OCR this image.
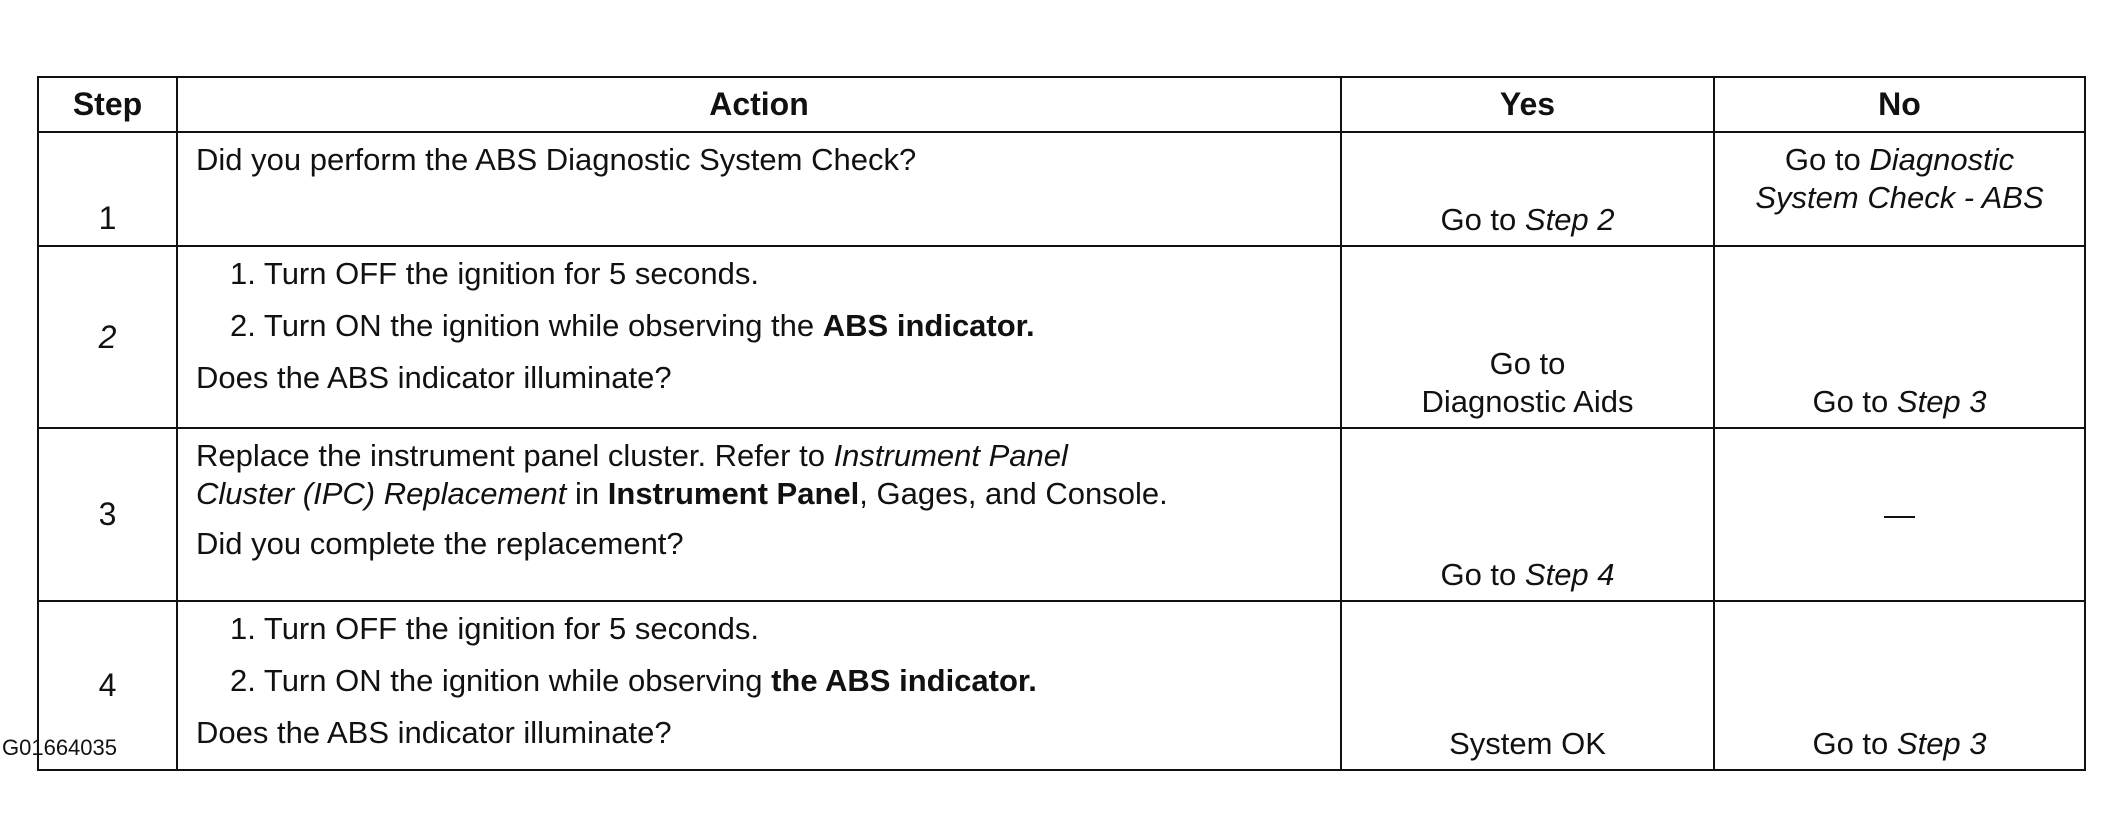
Step	Action	Yes	No
1	Did you perform the ABS Diagnostic System Check?	Go to Step 2	Go to Diagnostic
System Check - ABS
2	1. Turn OFF the ignition for 5 seconds.
2. Turn ON the ignition while observing the ABS indicator.
Does the ABS indicator illuminate?	Go to
Diagnostic Aids	Go to Step 3
3	Replace the instrument panel cluster. Refer to Instrument Panel
Cluster (IPC) Replacement in Instrument Panel, Gages, and Console.
Did you complete the replacement?	Go to Step 4	—
4	1. Turn OFF the ignition for 5 seconds.
2. Turn ON the ignition while observing the ABS indicator.
Does the ABS indicator illuminate?	System OK	Go to Step 3
G01664035
